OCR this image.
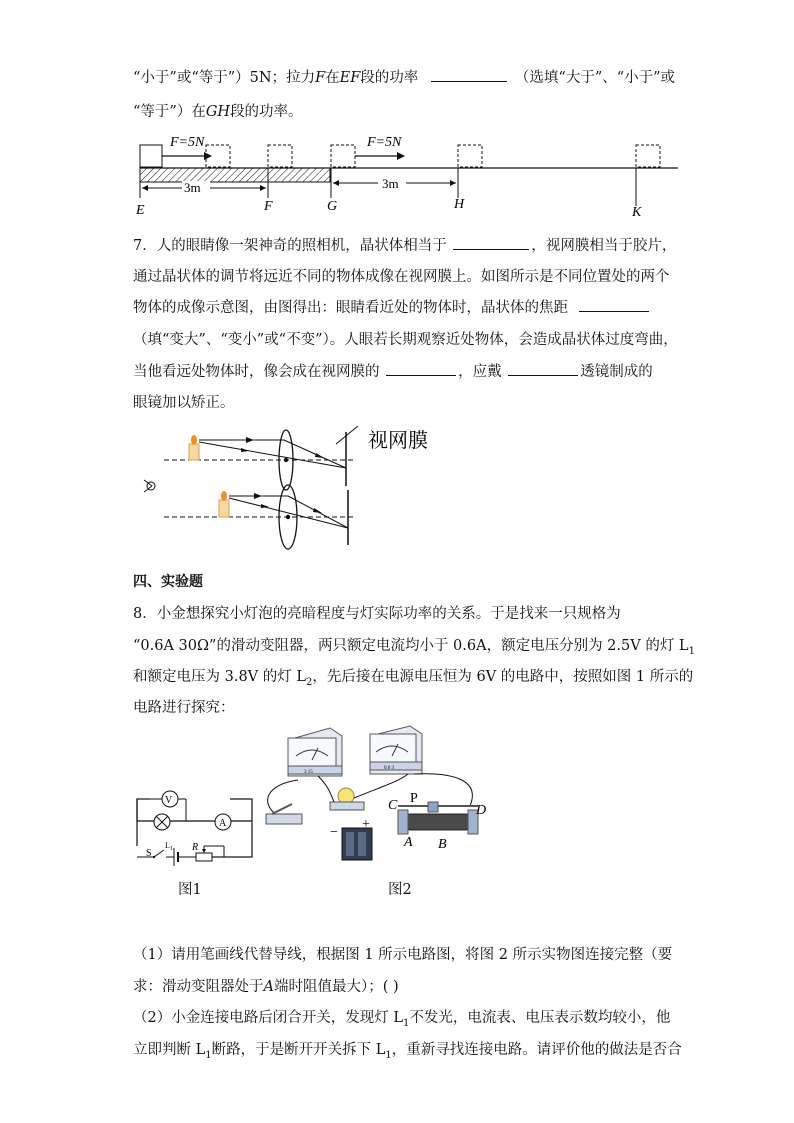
“小于”或“等于”）5N；拉力F在EF段的功率	（选填“大于”、“小于”或
“等于”）在GH段的功率。
F=5N	F=5N
3m	3m
E	F	G	H
K
7．人的眼睛像一架神奇的照相机，晶状体相当于	，视网膜相当于胶片，
通过晶状体的调节将远近不同的物体成像在视网膜上。如图所示是不同位置处的两个
物体的成像示意图，由图得出：眼睛看近处的物体时，晶状体的焦距
（填“变大”、“变小”或“不变”）。人眼若长期观察近处物体，会造成晶状体过度弯曲，
当他看远处物体时，像会成在视网膜的	，应戴	透镜制成的
眼镜加以矫正。
视网膜
四、实验题
8．小金想探究小灯泡的亮暗程度与灯实际功率的关系。于是找来一只规格为
“0.6A 30Ω”的滑动变阻器，两只额定电流均小于 0.6A，额定电压分别为 2.5V 的灯 $L_1$
和额定电压为 3.8V 的灯 $L_2$，先后接在电源电压恒为 6V 的电路中，按照如图 1 所示的
电路进行探究：
V
A
S
$L_1$ R
图1
3 15
0.6 3
−
+
C P
D
A B
图2
（1）请用笔画线代替导线，根据图 1 所示电路图，将图 2 所示实物图连接完整（要
求：滑动变阻器处于A端时阻值最大）；( )
（2）小金连接电路后闭合开关，发现灯 $L_1$不发光，电流表、电压表示数均较小，他
立即判断 $L_1$断路，于是断开开关拆下 $L_1$，重新寻找连接电路。请评价他的做法是否合
